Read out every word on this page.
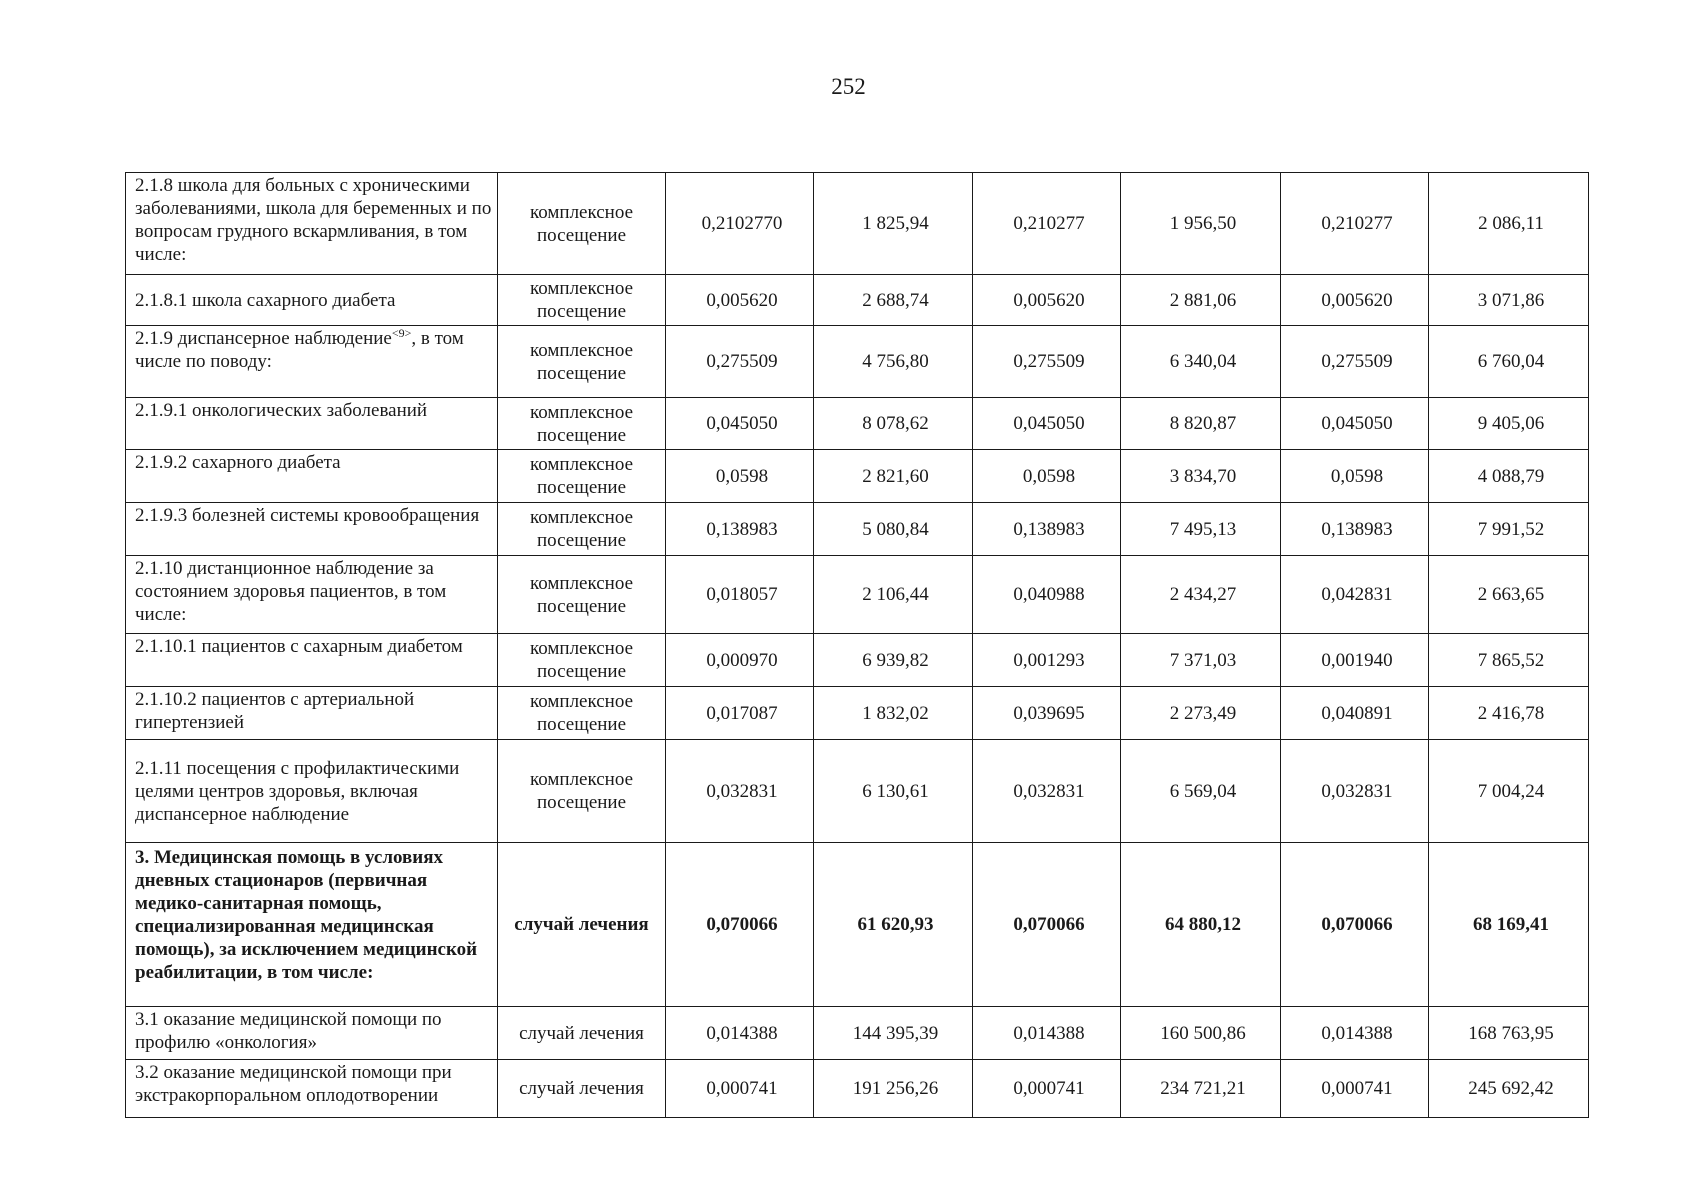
252
2.1.8 школа для больных с хроническими заболеваниями, школа для беременных и по вопросам грудного вскармливания, в том числе:	комплексное посещение	0,2102770	1 825,94	0,210277	1 956,50	0,210277	2 086,11
2.1.8.1 школа сахарного диабета	комплексное посещение	0,005620	2 688,74	0,005620	2 881,06	0,005620	3 071,86
2.1.9 диспансерное наблюдение$^{<9>}$, в том числе по поводу:	комплексное посещение	0,275509	4 756,80	0,275509	6 340,04	0,275509	6 760,04
2.1.9.1 онкологических заболеваний	комплексное посещение	0,045050	8 078,62	0,045050	8 820,87	0,045050	9 405,06
2.1.9.2 сахарного диабета	комплексное посещение	0,0598	2 821,60	0,0598	3 834,70	0,0598	4 088,79
2.1.9.3 болезней системы кровообращения	комплексное посещение	0,138983	5 080,84	0,138983	7 495,13	0,138983	7 991,52
2.1.10 дистанционное наблюдение за состоянием здоровья пациентов, в том числе:	комплексное посещение	0,018057	2 106,44	0,040988	2 434,27	0,042831	2 663,65
2.1.10.1 пациентов с сахарным диабетом	комплексное посещение	0,000970	6 939,82	0,001293	7 371,03	0,001940	7 865,52
2.1.10.2 пациентов с артериальной гипертензией	комплексное посещение	0,017087	1 832,02	0,039695	2 273,49	0,040891	2 416,78
2.1.11 посещения с профилактическими целями центров здоровья, включая диспансерное наблюдение	комплексное посещение	0,032831	6 130,61	0,032831	6 569,04	0,032831	7 004,24
3. Медицинская помощь в условиях дневных стационаров (первичная медико-санитарная помощь, специализированная медицинская помощь), за исключением медицинской реабилитации, в том числе:	случай лечения	0,070066	61 620,93	0,070066	64 880,12	0,070066	68 169,41
3.1 оказание медицинской помощи по профилю «онкология»	случай лечения	0,014388	144 395,39	0,014388	160 500,86	0,014388	168 763,95
3.2 оказание медицинской помощи при экстракорпоральном оплодотворении	случай лечения	0,000741	191 256,26	0,000741	234 721,21	0,000741	245 692,42
